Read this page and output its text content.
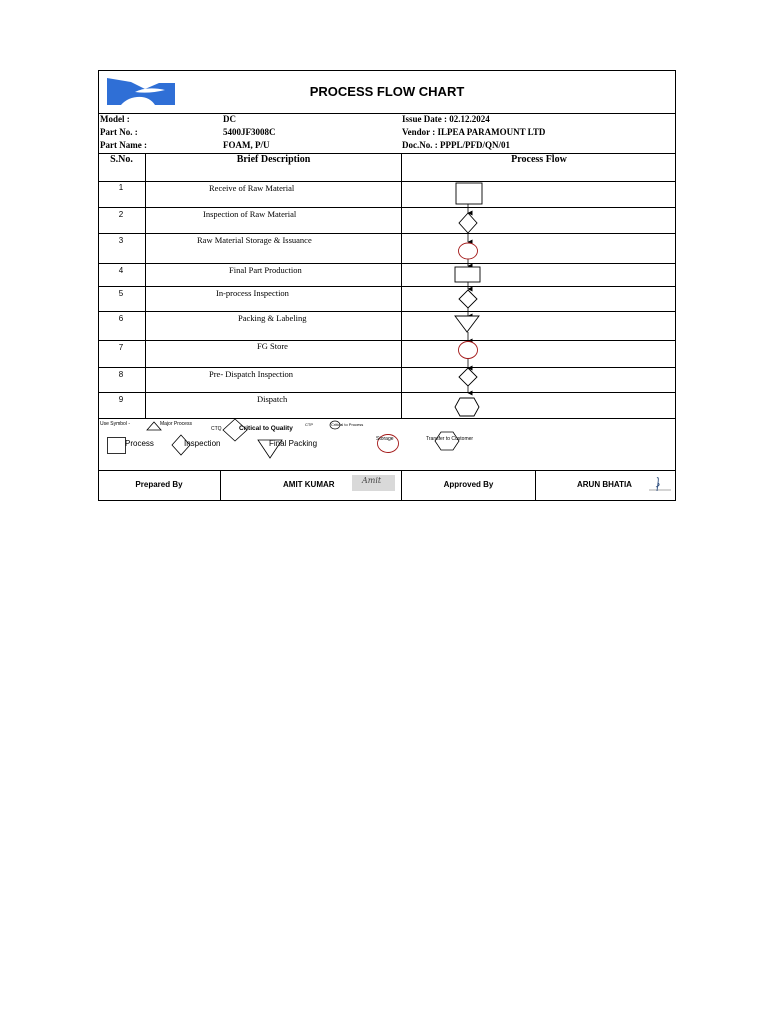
PROCESS FLOW CHART
Model :	DC	Issue Date : 02.12.2024
Part No. :	5400JF3008C	Vendor : ILPEA PARAMOUNT LTD
Part Name :	FOAM, P/U	Doc.No. : PPPL/PFD/QN/01
S.No.	Brief Description	Process Flow
1	Receive of Raw Material
2	Inspection of Raw Material
3	Raw Material Storage & Issuance
4	Final Part Production
5	In-process Inspection
6	Packing & Labeling
7	FG Store
8	Pre- Dispatch Inspection
9	Dispatch
Use Symbol -	Major Process
CTQ	Critical to Quality
CTP	Critical to Process
Process	Inspection	Final Packing	Storage	Transfer to Customer
Prepared By	AMIT KUMAR	Amit	Approved By	ARUN BHATIA
